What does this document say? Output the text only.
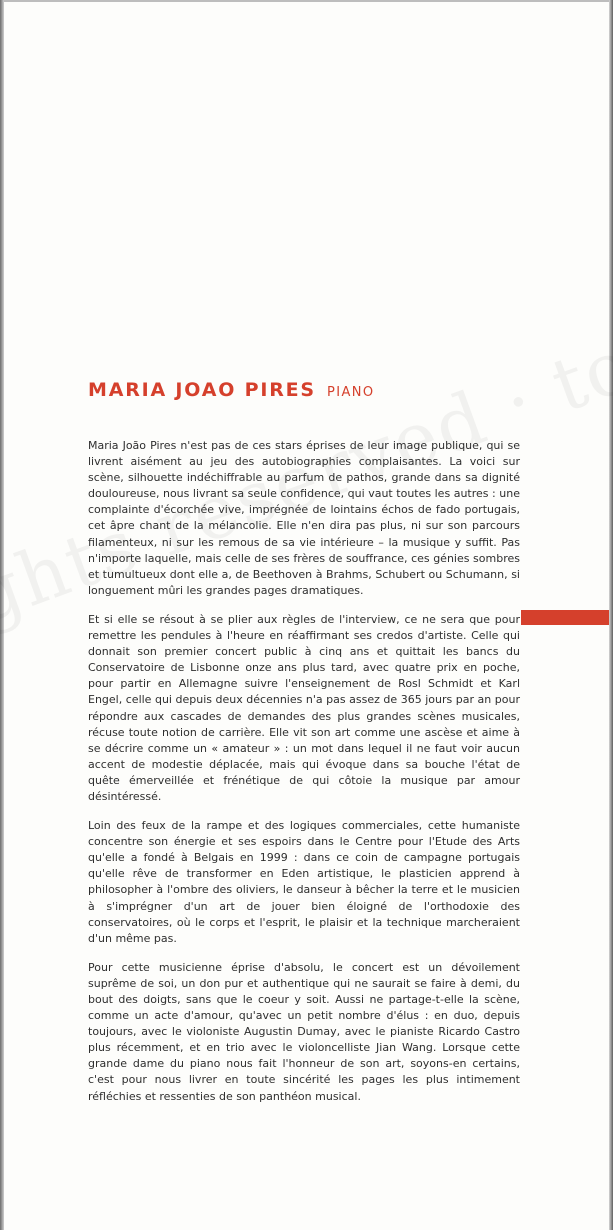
MARIA JOAO PIRES PIANO

Maria João Pires n'est pas de ces stars éprises de leur image publique, qui se livrent aisément au jeu des autobiographies complaisantes. La voici sur scène, silhouette indéchiffrable au parfum de pathos, grande dans sa dignité douloureuse, nous livrant sa seule confidence, qui vaut toutes les autres : une complainte d'écorchée vive, imprégnée de lointains échos de fado portugais, cet âpre chant de la mélancolie. Elle n'en dira pas plus, ni sur son parcours filamenteux, ni sur les remous de sa vie intérieure – la musique y suffit. Pas n'importe laquelle, mais celle de ses frères de souffrance, ces génies sombres et tumultueux dont elle a, de Beethoven à Brahms, Schubert ou Schumann, si longuement mûri les grandes pages dramatiques.

Et si elle se résout à se plier aux règles de l'interview, ce ne sera que pour remettre les pendules à l'heure en réaffirmant ses credos d'artiste. Celle qui donnait son premier concert public à cinq ans et quittait les bancs du Conservatoire de Lisbonne onze ans plus tard, avec quatre prix en poche, pour partir en Allemagne suivre l'enseignement de Rosl Schmidt et Karl Engel, celle qui depuis deux décennies n'a pas assez de 365 jours par an pour répondre aux cascades de demandes des plus grandes scènes musicales, récuse toute notion de carrière. Elle vit son art comme une ascèse et aime à se décrire comme un « amateur » : un mot dans lequel il ne faut voir aucun accent de modestie déplacée, mais qui évoque dans sa bouche l'état de quête émerveillée et frénétique de qui côtoie la musique par amour désintéressé.

Loin des feux de la rampe et des logiques commerciales, cette humaniste concentre son énergie et ses espoirs dans le Centre pour l'Etude des Arts qu'elle a fondé à Belgais en 1999 : dans ce coin de campagne portugais qu'elle rêve de transformer en Eden artistique, le plasticien apprend à philosopher à l'ombre des oliviers, le danseur à bêcher la terre et le musicien à s'imprégner d'un art de jouer bien éloigné de l'orthodoxie des conservatoires, où le corps et l'esprit, le plaisir et la technique marcheraient d'un même pas.

Pour cette musicienne éprise d'absolu, le concert est un dévoilement suprême de soi, un don pur et authentique qui ne saurait se faire à demi, du bout des doigts, sans que le coeur y soit. Aussi ne partage-t-elle la scène, comme un acte d'amour, qu'avec un petit nombre d'élus : en duo, depuis toujours, avec le violoniste Augustin Dumay, avec le pianiste Ricardo Castro plus récemment, et en trio avec le violoncelliste Jian Wang. Lorsque cette grande dame du piano nous fait l'honneur de son art, soyons-en certains, c'est pour nous livrer en toute sincérité les pages les plus intimement réfléchies et ressenties de son panthéon musical.
